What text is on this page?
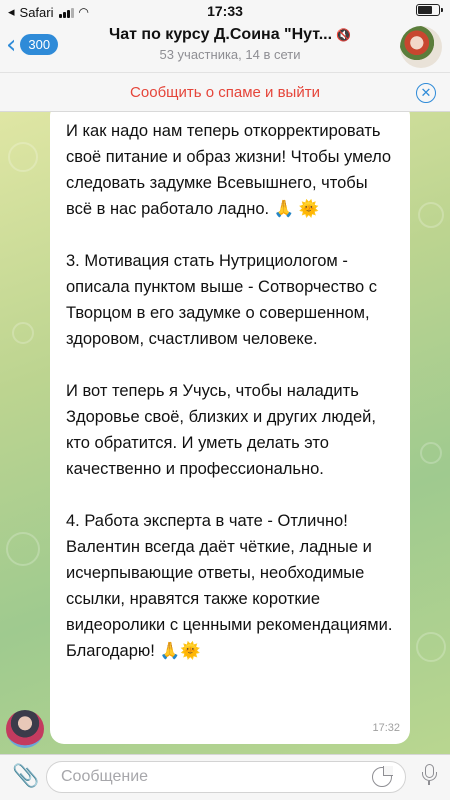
◂ Safari ◠	17:33
‹ 300
Чат по курсу Д.Соина "Нут... 🔇
53 участника, 14 в сети
Сообщить о спаме и выйти	✕

И как надо нам теперь откорректировать своё питание и образ жизни! Чтобы умело следовать задумке Всевышнего, чтобы всё в нас работало ладно. 🙏 🌞

3. Мотивация стать Нутрициологом - описала пунктом выше - Сотворчество с Творцом в его задумке о совершенном, здоровом, счастливом человеке.

И вот теперь я Учусь, чтобы наладить Здоровье своё, близких и других людей, кто обратится. И уметь делать это качественно и профессионально.

4. Работа эксперта в чате - Отлично! Валентин всегда даёт чёткие, ладные и исчерпывающие ответы, необходимые ссылки, нравятся также короткие видеоролики с ценными рекомендациями. Благодарю! 🙏🌞

17:32
📎
Сообщение
